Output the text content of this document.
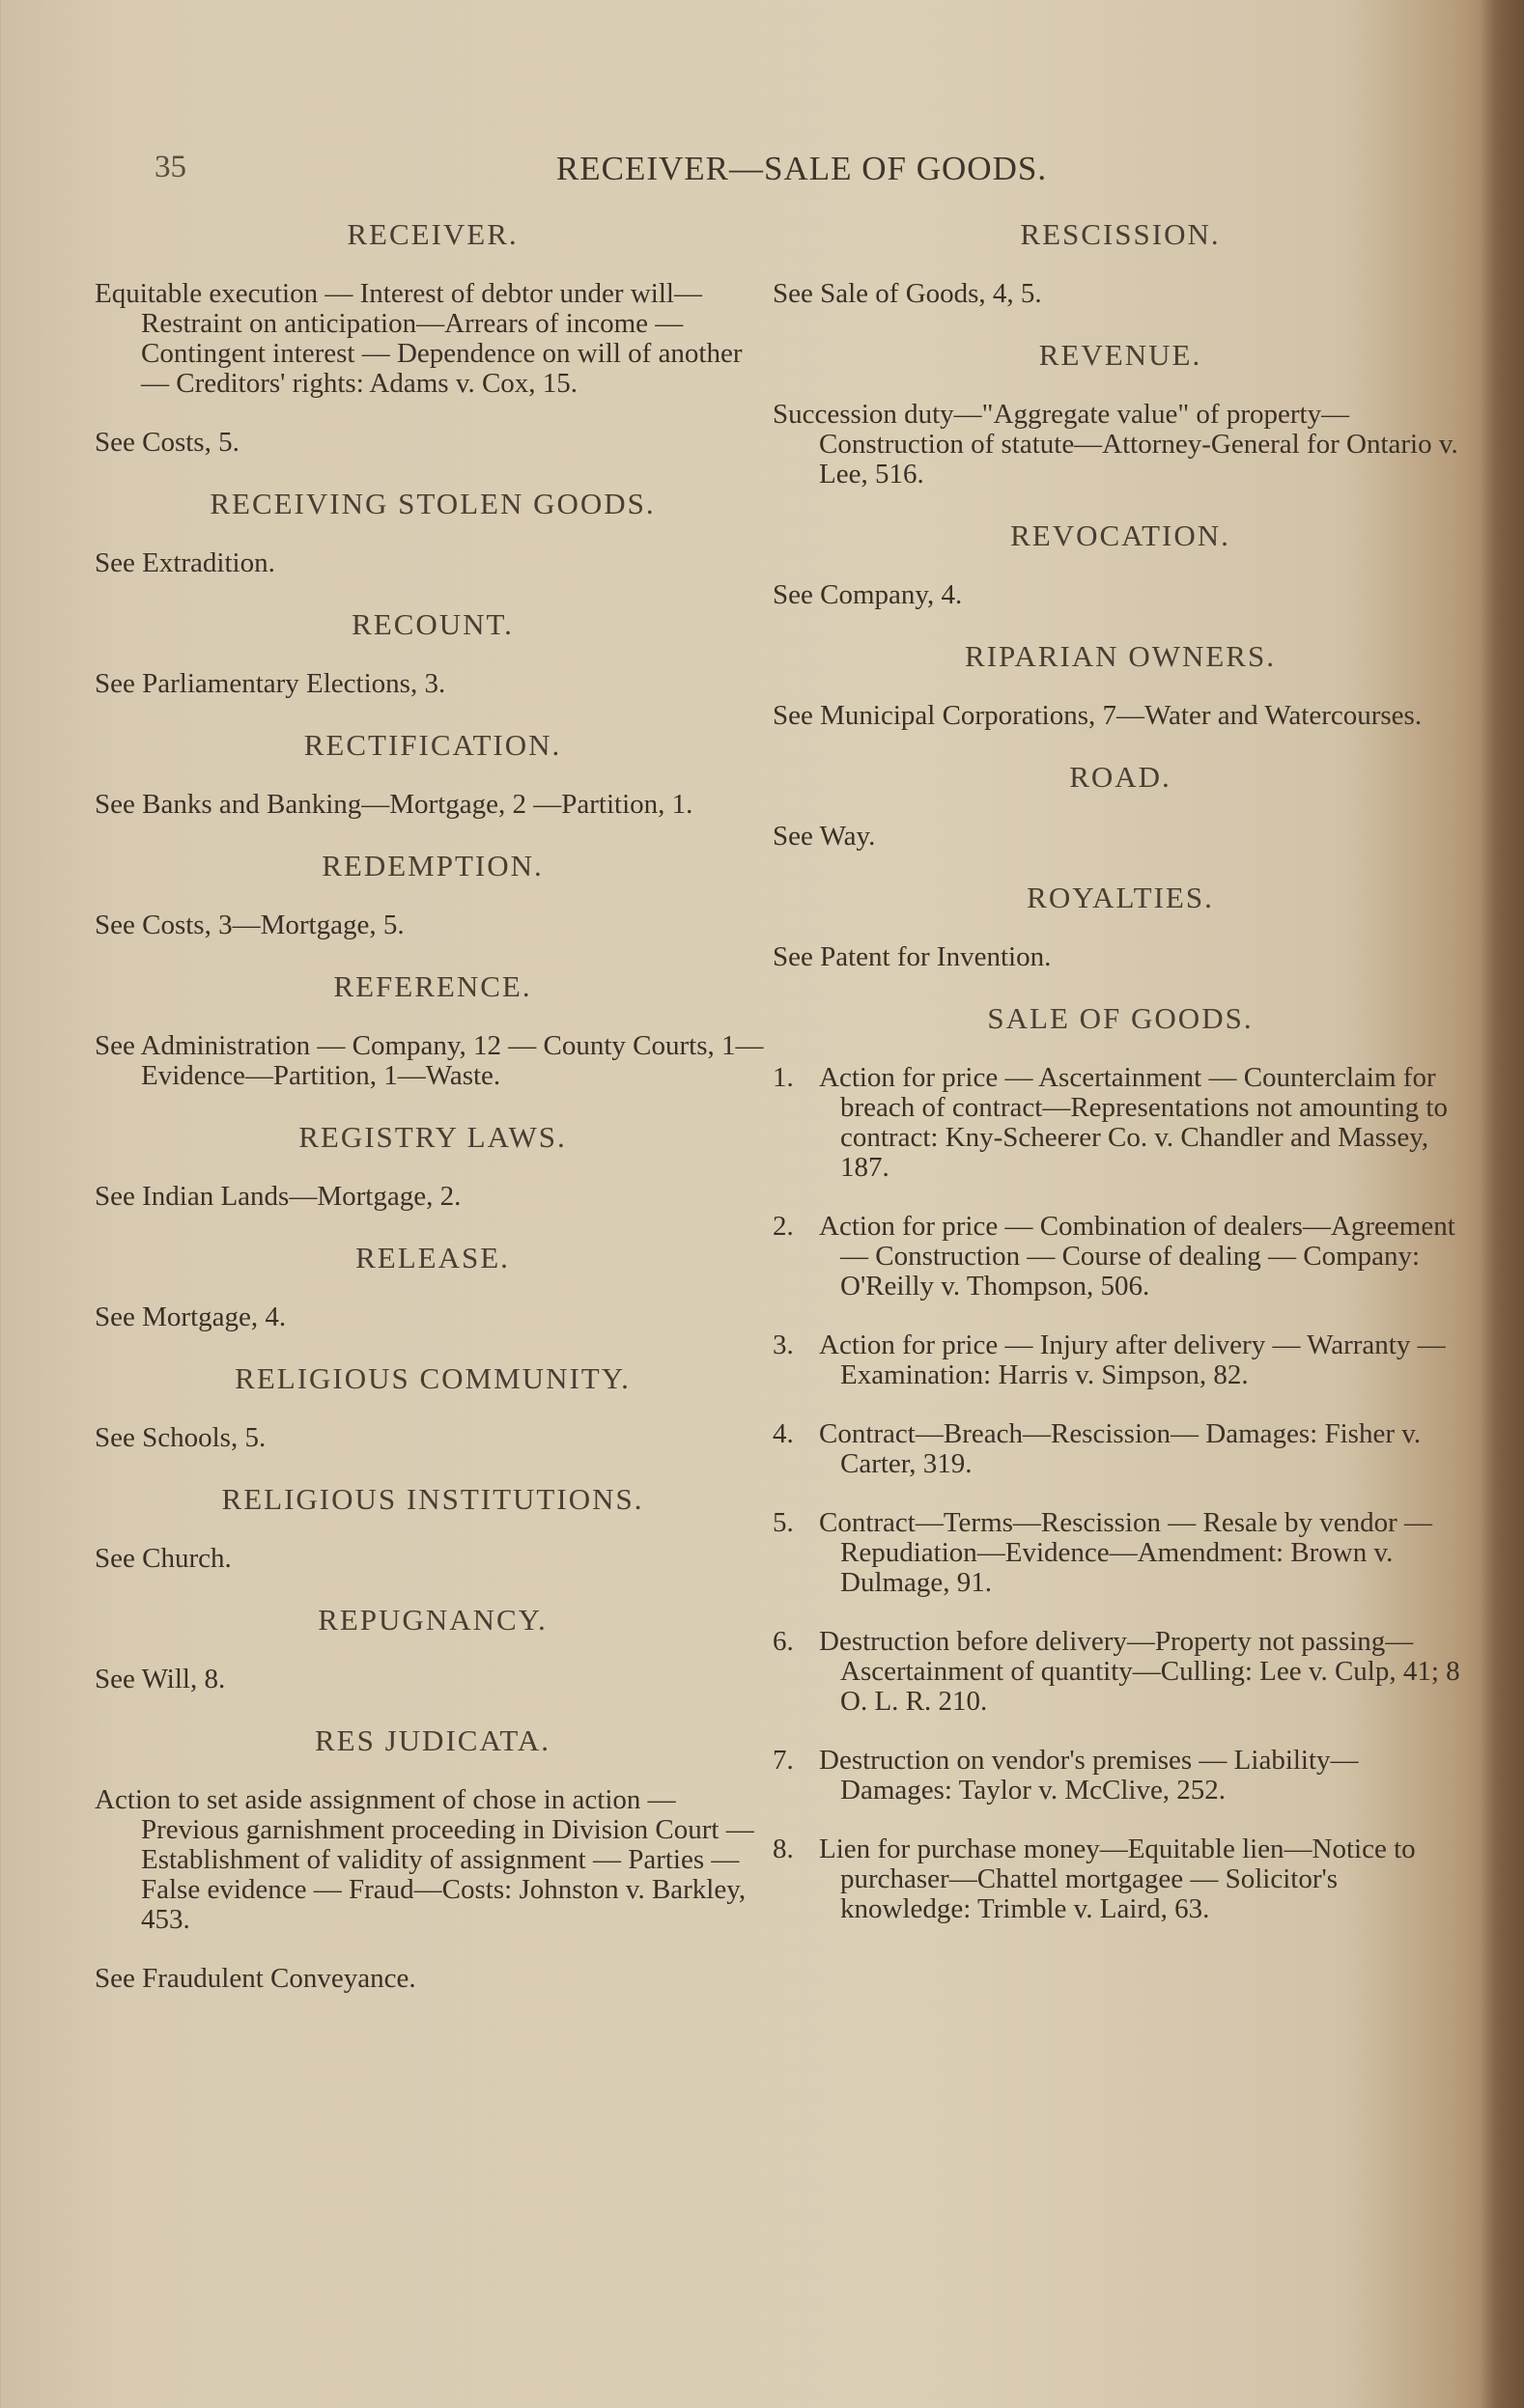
35	RECEIVER—SALE OF GOODS.
RECEIVER.
Equitable execution — Interest of debtor under will—Restraint on anticipation—Arrears of income — Contingent interest — Dependence on will of another — Creditors' rights: Adams v. Cox, 15.
See Costs, 5.
RECEIVING STOLEN GOODS.
See Extradition.
RECOUNT.
See Parliamentary Elections, 3.
RECTIFICATION.
See Banks and Banking—Mortgage, 2 —Partition, 1.
REDEMPTION.
See Costs, 3—Mortgage, 5.
REFERENCE.
See Administration — Company, 12 — County Courts, 1—Evidence—Partition, 1—Waste.
REGISTRY LAWS.
See Indian Lands—Mortgage, 2.
RELEASE.
See Mortgage, 4.
RELIGIOUS COMMUNITY.
See Schools, 5.
RELIGIOUS INSTITUTIONS.
See Church.
REPUGNANCY.
See Will, 8.
RES JUDICATA.
Action to set aside assignment of chose in action — Previous garnishment proceeding in Division Court — Establishment of validity of assignment — Parties — False evidence — Fraud—Costs: Johnston v. Barkley, 453.
See Fraudulent Conveyance.
RESCISSION.
See Sale of Goods, 4, 5.
REVENUE.
Succession duty—"Aggregate value" of property—Construction of statute—Attorney-General for Ontario v. Lee, 516.
REVOCATION.
See Company, 4.
RIPARIAN OWNERS.
See Municipal Corporations, 7—Water and Watercourses.
ROAD.
See Way.
ROYALTIES.
See Patent for Invention.
SALE OF GOODS.
1. Action for price — Ascertainment — Counterclaim for breach of contract—Representations not amounting to contract: Kny-Scheerer Co. v. Chandler and Massey, 187.
2. Action for price — Combination of dealers—Agreement — Construction — Course of dealing — Company: O'Reilly v. Thompson, 506.
3. Action for price — Injury after delivery — Warranty — Examination: Harris v. Simpson, 82.
4. Contract—Breach—Rescission— Damages: Fisher v. Carter, 319.
5. Contract—Terms—Rescission — Resale by vendor — Repudiation—Evidence—Amendment: Brown v. Dulmage, 91.
6. Destruction before delivery—Property not passing—Ascertainment of quantity—Culling: Lee v. Culp, 41; 8 O. L. R. 210.
7. Destruction on vendor's premises — Liability—Damages: Taylor v. McClive, 252.
8. Lien for purchase money—Equitable lien—Notice to purchaser—Chattel mortgagee — Solicitor's knowledge: Trimble v. Laird, 63.
